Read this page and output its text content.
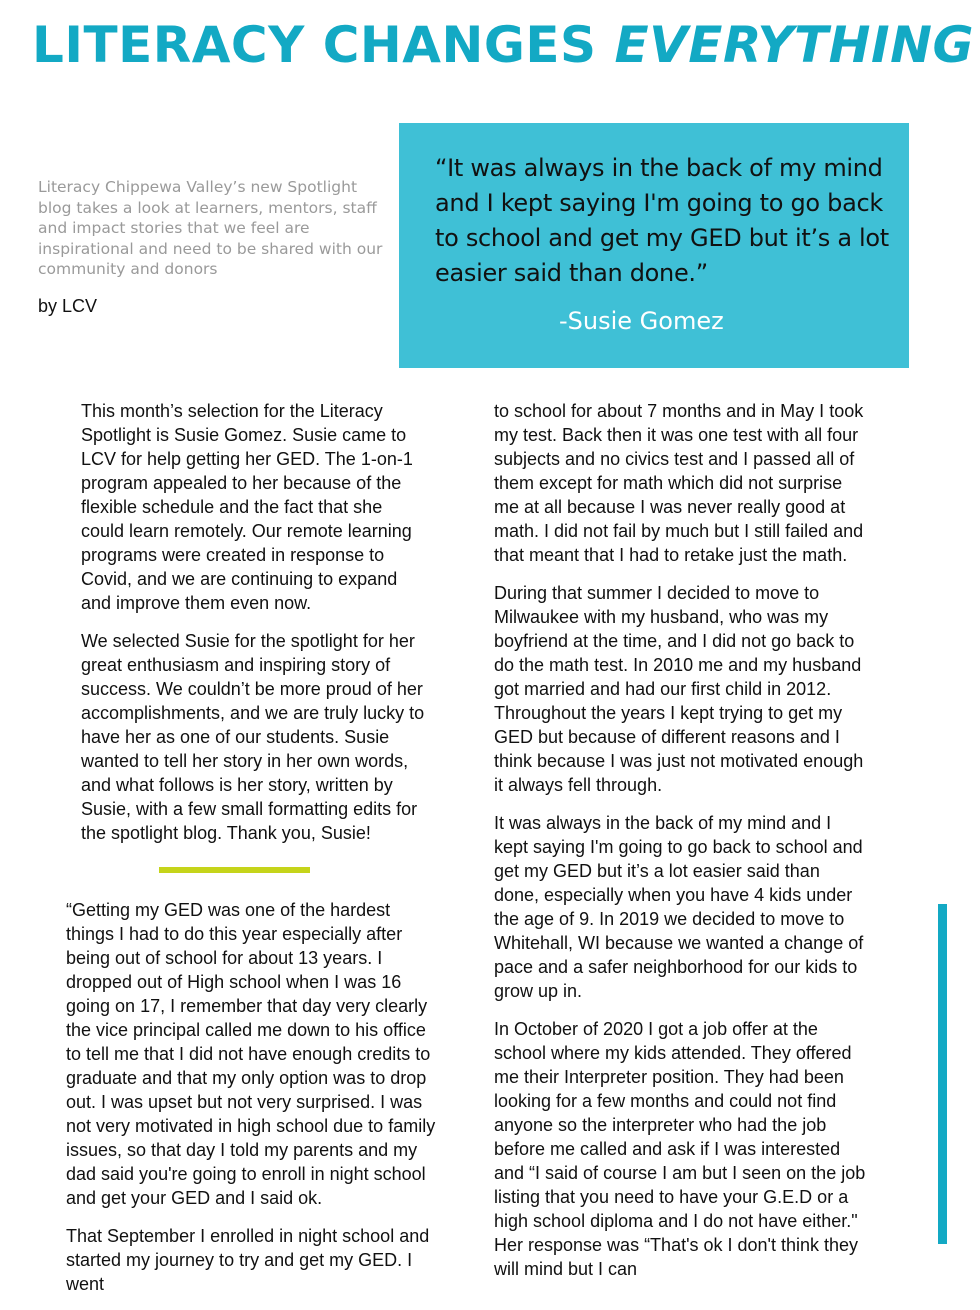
LITERACY CHANGES EVERYTHING

Literacy Chippewa Valley’s new Spotlight blog takes a look at learners, mentors, staff and impact stories that we feel are inspirational and need to be shared with our community and donors

by LCV

“It was always in the back of my mind and I kept saying I'm going to go back to school and get my GED but it’s a lot easier said than done.”

-Susie Gomez

This month’s selection for the Literacy Spotlight is Susie Gomez. Susie came to LCV for help getting her GED. The 1-on-1 program appealed to her because of the flexible schedule and the fact that she could learn remotely. Our remote learning programs were created in response to Covid, and we are continuing to expand and improve them even now.

We selected Susie for the spotlight for her great enthusiasm and inspiring story of success. We couldn’t be more proud of her accomplishments, and we are truly lucky to have her as one of our students. Susie wanted to tell her story in her own words, and what follows is her story, written by Susie, with a few small formatting edits for the spotlight blog. Thank you, Susie!

“Getting my GED was one of the hardest things I had to do this year especially after being out of school for about 13 years. I dropped out of High school when I was 16 going on 17, I remember that day very clearly the vice principal called me down to his office to tell me that I did not have enough credits to graduate and that my only option was to drop out. I was upset but not very surprised. I was not very motivated in high school due to family issues, so that day I told my parents and my dad said you're going to enroll in night school and get your GED and I said ok.

That September I enrolled in night school and started my journey to try and get my GED. I went

to school for about 7 months and in May I took my test. Back then it was one test with all four subjects and no civics test and I passed all of them except for math which did not surprise me at all because I was never really good at math. I did not fail by much but I still failed and that meant that I had to retake just the math.

During that summer I decided to move to Milwaukee with my husband, who was my boyfriend at the time, and I did not go back to do the math test. In 2010 me and my husband got married and had our first child in 2012. Throughout the years I kept trying to get my GED but because of different reasons and I think because I was just not motivated enough it always fell through.

It was always in the back of my mind and I kept saying I'm going to go back to school and get my GED but it’s a lot easier said than done, especially when you have 4 kids under the age of 9. In 2019 we decided to move to Whitehall, WI because we wanted a change of pace and a safer neighborhood for our kids to grow up in.

In October of 2020 I got a job offer at the school where my kids attended. They offered me their Interpreter position. They had been looking for a few months and could not find anyone so the interpreter who had the job before me called and ask if I was interested and “I said of course I am but I seen on the job listing that you need to have your G.E.D or a high school diploma and I do not have either." Her response was “That's ok I don't think they will mind but I can
